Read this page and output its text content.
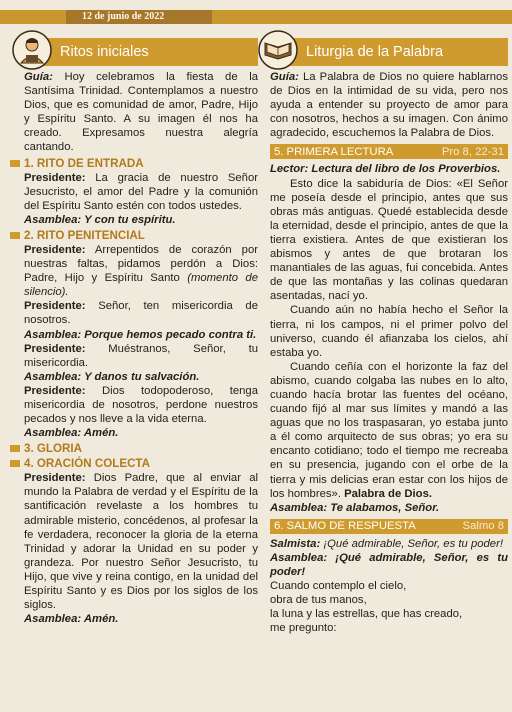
12 de junio de 2022
Ritos iniciales

Guía: Hoy celebramos la fiesta de la Santísima Trinidad. Contemplamos a nuestro Dios, que es comunidad de amor, Padre, Hijo y Espíritu Santo. A su imagen él nos ha creado. Expresamos nuestra alegría cantando.

1. RITO DE ENTRADA

Presidente: La gracia de nuestro Señor Jesucristo, el amor del Padre y la comunión del Espíritu Santo estén con todos ustedes.

Asamblea: Y con tu espíritu.

2. RITO PENITENCIAL

Presidente: Arrepentidos de corazón por nuestras faltas, pidamos perdón a Dios: Padre, Hijo y Espíritu Santo (momento de silencio).

Presidente: Señor, ten misericordia de nosotros.

Asamblea: Porque hemos pecado contra ti.

Presidente: Muéstranos, Señor, tu misericordia.

Asamblea: Y danos tu salvación.

Presidente: Dios todopoderoso, tenga misericordia de nosotros, perdone nuestros pecados y nos lleve a la vida eterna.

Asamblea: Amén.

3. GLORIA
4. ORACIÓN COLECTA

Presidente: Dios Padre, que al enviar al mundo la Palabra de verdad y el Espíritu de la santificación revelaste a los hombres tu admirable misterio, concédenos, al profesar la fe verdadera, reconocer la gloria de la eterna Trinidad y adorar la Unidad en su poder y grandeza. Por nuestro Señor Jesucristo, tu Hijo, que vive y reina contigo, en la unidad del Espíritu Santo y es Dios por los siglos de los siglos.

Asamblea: Amén.

Liturgia de la Palabra

Guía: La Palabra de Dios no quiere hablarnos de Dios en la intimidad de su vida, pero nos ayuda a entender su proyecto de amor para con nosotros, hechos a su imagen. Con ánimo agradecido, escuchemos la Palabra de Dios.

5. PRIMERA LECTURA	Pro 8, 22-31

Lector: Lectura del libro de los Proverbios.

Esto dice la sabiduría de Dios: «El Señor me poseía desde el principio, antes que sus obras más antiguas. Quedé establecida desde la eternidad, desde el principio, antes de que la tierra existiera. Antes de que existieran los abismos y antes de que brotaran los manantiales de las aguas, fui concebida. Antes de que las montañas y las colinas quedaran asentadas, nací yo.

Cuando aún no había hecho el Señor la tierra, ni los campos, ni el primer polvo del universo, cuando él afianzaba los cielos, ahí estaba yo.

Cuando ceñía con el horizonte la faz del abismo, cuando colgaba las nubes en lo alto, cuando hacía brotar las fuentes del océano, cuando fijó al mar sus límites y mandó a las aguas que no los traspasaran, yo estaba junto a él como arquitecto de sus obras; yo era su encanto cotidiano; todo el tiempo me recreaba en su presencia, jugando con el orbe de la tierra y mis delicias eran estar con los hijos de los hombres». Palabra de Dios.

Asamblea: Te alabamos, Señor.

6. SALMO DE RESPUESTA	Salmo 8

Salmista: ¡Qué admirable, Señor, es tu poder!

Asamblea: ¡Qué admirable, Señor, es tu poder!

Cuando contemplo el cielo,

obra de tus manos,

la luna y las estrellas, que has creado,

me pregunto:
